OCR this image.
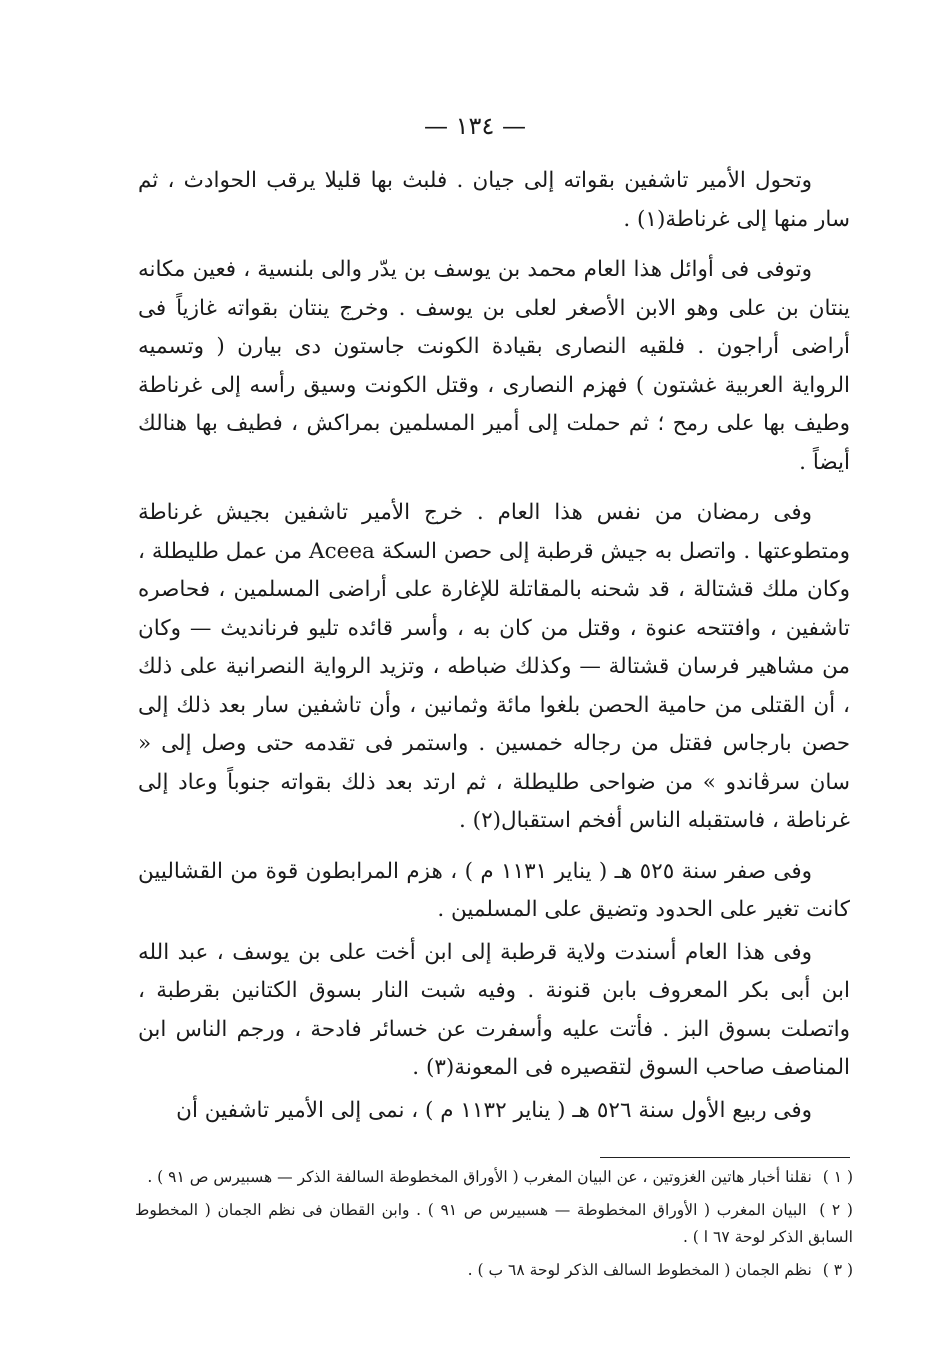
— ١٣٤ —

وتحول الأمير تاشفين بقواته إلى جيان . فلبث بها قليلا يرقب الحوادث ، ثم سار منها إلى غرناطة(١) .

وتوفى فى أوائل هذا العام محمد بن يوسف بن يدّر والى بلنسية ، فعين مكانه ينتان بن على وهو الابن الأصغر لعلى بن يوسف . وخرج ينتان بقواته غازياً فى أراضى أراجون . فلقيه النصارى بقيادة الكونت جاستون دى بيارن ( وتسميه الرواية العربية غشتون ) فهزم النصارى ، وقتل الكونت وسيق رأسه إلى غرناطة وطيف بها على رمح ؛ ثم حملت إلى أمير المسلمين بمراكش ، فطيف بها هنالك أيضاً .

وفى رمضان من نفس هذا العام . خرج الأمير تاشفين بجيش غرناطة ومتطوعتها . واتصل به جيش قرطبة إلى حصن السكة Aceea من عمل طليطلة ، وكان ملك قشتالة ، قد شحنه بالمقاتلة للإغارة على أراضى المسلمين ، فحاصره تاشفين ، وافتتحه عنوة ، وقتل من كان به ، وأسر قائده تليو فرنانديث — وكان من مشاهير فرسان قشتالة — وكذلك ضباطه ، وتزيد الرواية النصرانية على ذلك ، أن القتلى من حامية الحصن بلغوا مائة وثمانين ، وأن تاشفين سار بعد ذلك إلى حصن بارجاس فقتل من رجاله خمسين . واستمر فى تقدمه حتى وصل إلى « سان سرڤاندو » من ضواحى طليطلة ، ثم ارتد بعد ذلك بقواته جنوباً وعاد إلى غرناطة ، فاستقبله الناس أفخم استقبال(٢) .

وفى صفر سنة ٥٢٥ هـ ( يناير ١١٣١ م ) ، هزم المرابطون قوة من القشاليين كانت تغير على الحدود وتضيق على المسلمين .

وفى هذا العام أسندت ولاية قرطبة إلى ابن أخت على بن يوسف ، عبد الله ابن أبى بكر المعروف بابن قنونة . وفيه شبت النار بسوق الكتانين بقرطبة ، واتصلت بسوق البز . فأتت عليه وأسفرت عن خسائر فادحة ، ورجم الناس ابن المناصف صاحب السوق لتقصيره فى المعونة(٣) .

وفى ربيع الأول سنة ٥٢٦ هـ ( يناير ١١٣٢ م ) ، نمى إلى الأمير تاشفين أن

( ١ ) نقلنا أخبار هاتين الغزوتين ، عن البيان المغرب ( الأوراق المخطوطة السالفة الذكر — هسبيرس ص ٩١ ) .

( ٢ ) البيان المغرب ( الأوراق المخطوطة — هسبيرس ص ٩١ ) . وابن القطان فى نظم الجمان ( المخطوط السابق الذكر لوحة ٦٧ ا ) .

( ٣ ) نظم الجمان ( المخطوط السالف الذكر لوحة ٦٨ ب ) .
